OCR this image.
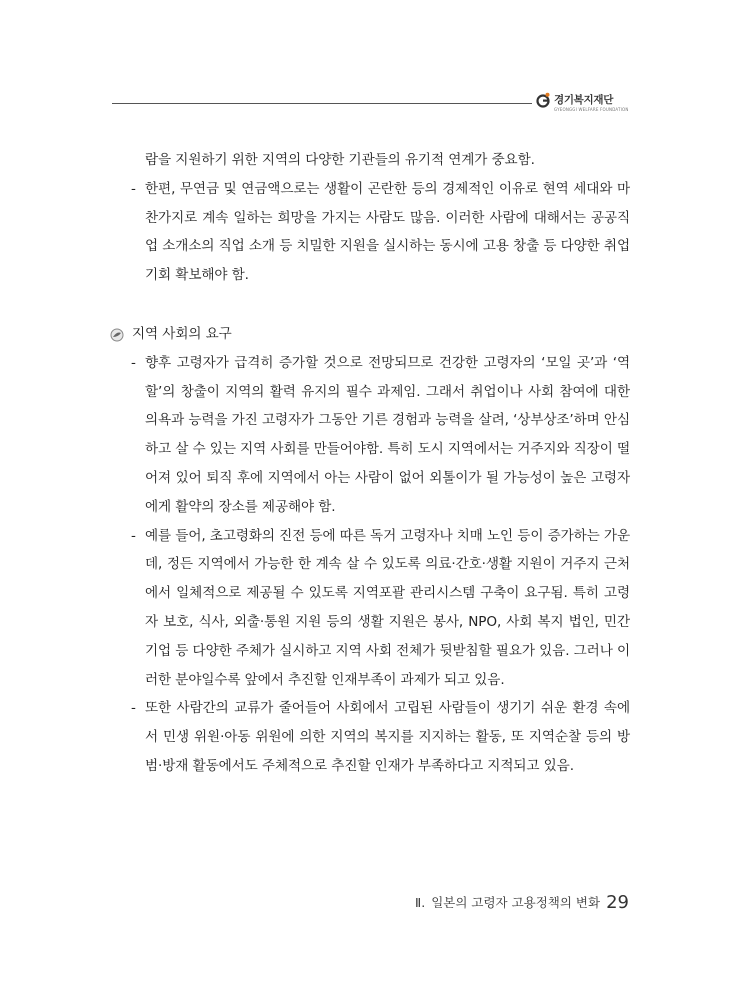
경기복지재단
GYEONGGI WELFARE FOUNDATION
람을 지원하기 위한 지역의 다양한 기관들의 유기적 연계가 중요함.
- 한편, 무연금 및 연금액으로는 생활이 곤란한 등의 경제적인 이유로 현역 세대와 마찬가지로 계속 일하는 희망을 가지는 사람도 많음. 이러한 사람에 대해서는 공공직업 소개소의 직업 소개 등 치밀한 지원을 실시하는 동시에 고용 창출 등 다양한 취업 기회 확보해야 함.
지역 사회의 요구
- 향후 고령자가 급격히 증가할 것으로 전망되므로 건강한 고령자의 ‘모일 곳’과 ‘역할’의 창출이 지역의 활력 유지의 필수 과제임. 그래서 취업이나 사회 참여에 대한 의욕과 능력을 가진 고령자가 그동안 기른 경험과 능력을 살려, ‘상부상조’하며 안심하고 살 수 있는 지역 사회를 만들어야함. 특히 도시 지역에서는 거주지와 직장이 떨어져 있어 퇴직 후에 지역에서 아는 사람이 없어 외톨이가 될 가능성이 높은 고령자에게 활약의 장소를 제공해야 함.
- 예를 들어, 초고령화의 진전 등에 따른 독거 고령자나 치매 노인 등이 증가하는 가운데, 정든 지역에서 가능한 한 계속 살 수 있도록 의료·간호·생활 지원이 거주지 근처에서 일체적으로 제공될 수 있도록 지역포괄 관리시스템 구축이 요구됨. 특히 고령자 보호, 식사, 외출·통원 지원 등의 생활 지원은 봉사, NPO, 사회 복지 법인, 민간 기업 등 다양한 주체가 실시하고 지역 사회 전체가 뒷받침할 필요가 있음. 그러나 이러한 분야일수록 앞에서 추진할 인재부족이 과제가 되고 있음.
- 또한 사람간의 교류가 줄어들어 사회에서 고립된 사람들이 생기기 쉬운 환경 속에서 민생 위원·아동 위원에 의한 지역의 복지를 지지하는 활동, 또 지역순찰 등의 방범·방재 활동에서도 주체적으로 추진할 인재가 부족하다고 지적되고 있음.
Ⅱ. 일본의 고령자 고용정책의 변화 29
